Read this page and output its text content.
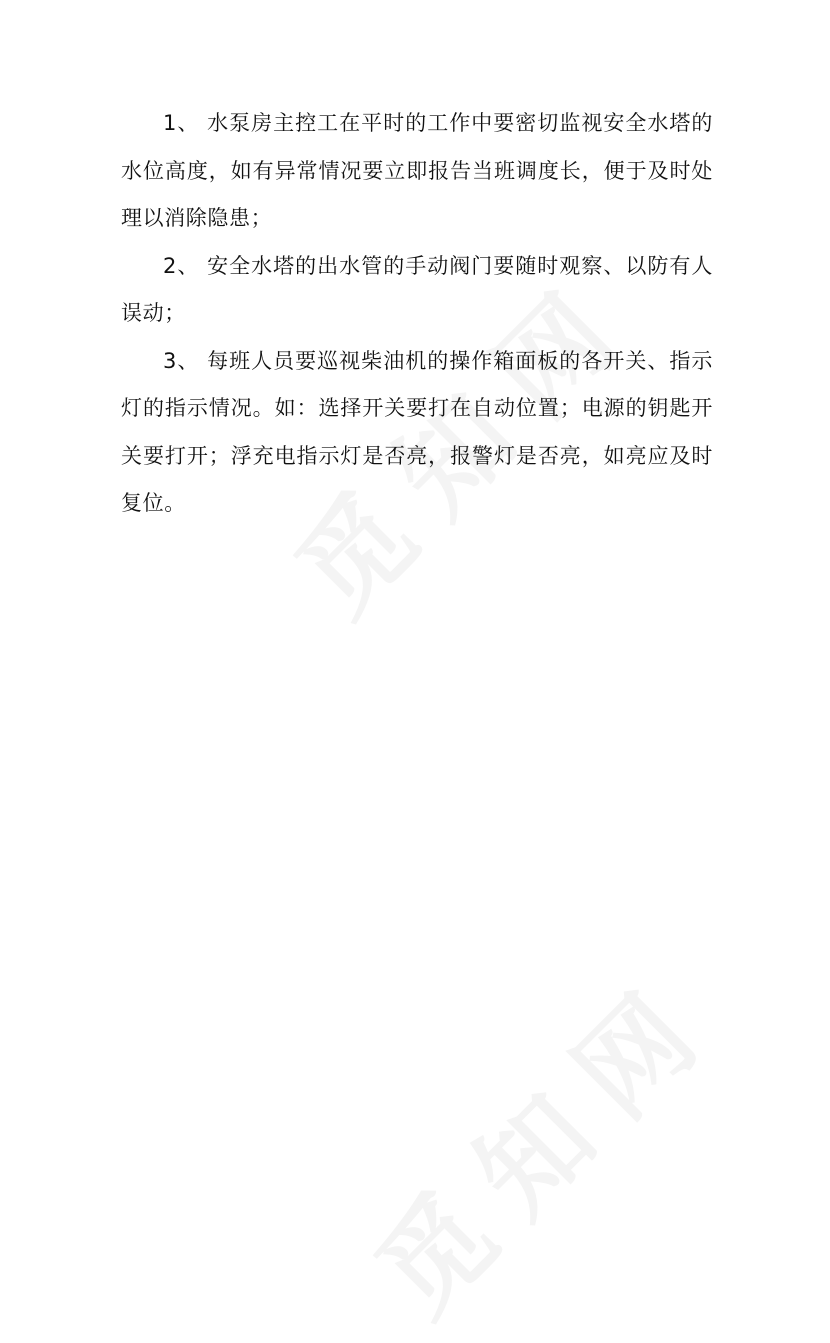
1、 水泵房主控工在平时的工作中要密切监视安全水塔的水位高度，如有异常情况要立即报告当班调度长，便于及时处理以消除隐患；

2、 安全水塔的出水管的手动阀门要随时观察、以防有人误动；

3、 每班人员要巡视柴油机的操作箱面板的各开关、指示灯的指示情况。如：选择开关要打在自动位置；电源的钥匙开关要打开；浮充电指示灯是否亮，报警灯是否亮，如亮应及时复位。
